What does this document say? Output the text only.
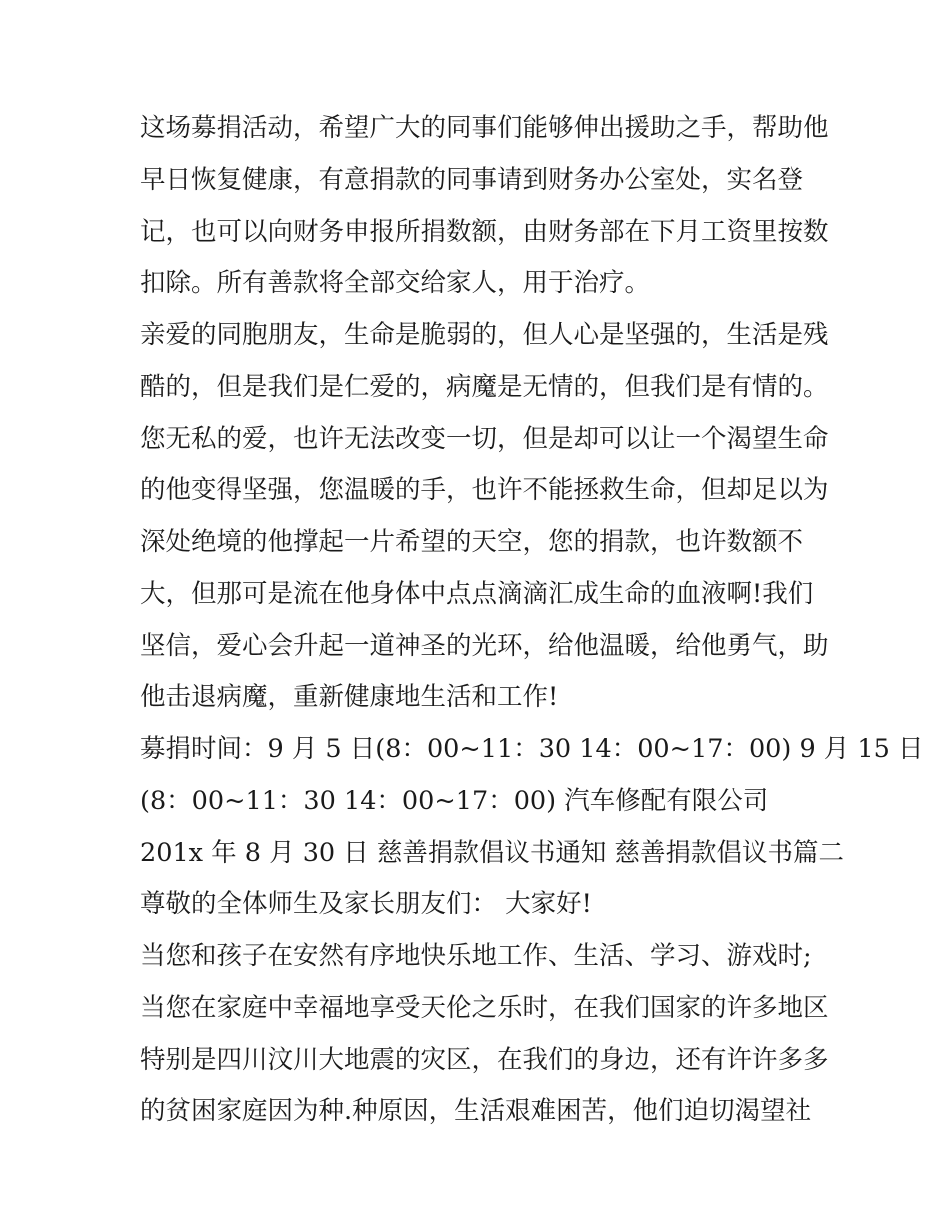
这场募捐活动，希望广大的同事们能够伸出援助之手，帮助他
早日恢复健康，有意捐款的同事请到财务办公室处，实名登
记，也可以向财务申报所捐数额，由财务部在下月工资里按数
扣除。所有善款将全部交给家人，用于治疗。
亲爱的同胞朋友，生命是脆弱的，但人心是坚强的，生活是残
酷的，但是我们是仁爱的，病魔是无情的，但我们是有情的。
您无私的爱，也许无法改变一切，但是却可以让一个渴望生命
的他变得坚强，您温暖的手，也许不能拯救生命，但却足以为
深处绝境的他撑起一片希望的天空，您的捐款，也许数额不
大，但那可是流在他身体中点点滴滴汇成生命的血液啊!我们
坚信，爱心会升起一道神圣的光环，给他温暖，给他勇气，助
他击退病魔，重新健康地生活和工作!
募捐时间：9 月 5 日(8：00~11：30 14：00~17：00) 9 月 15 日
(8：00~11：30 14：00~17：00) 汽车修配有限公司
201x 年 8 月 30 日 慈善捐款倡议书通知 慈善捐款倡议书篇二
尊敬的全体师生及家长朋友们： 大家好!
当您和孩子在安然有序地快乐地工作、生活、学习、游戏时;
当您在家庭中幸福地享受天伦之乐时，在我们国家的许多地区
特别是四川汶川大地震的灾区，在我们的身边，还有许许多多
的贫困家庭因为种.种原因，生活艰难困苦，他们迫切渴望社
